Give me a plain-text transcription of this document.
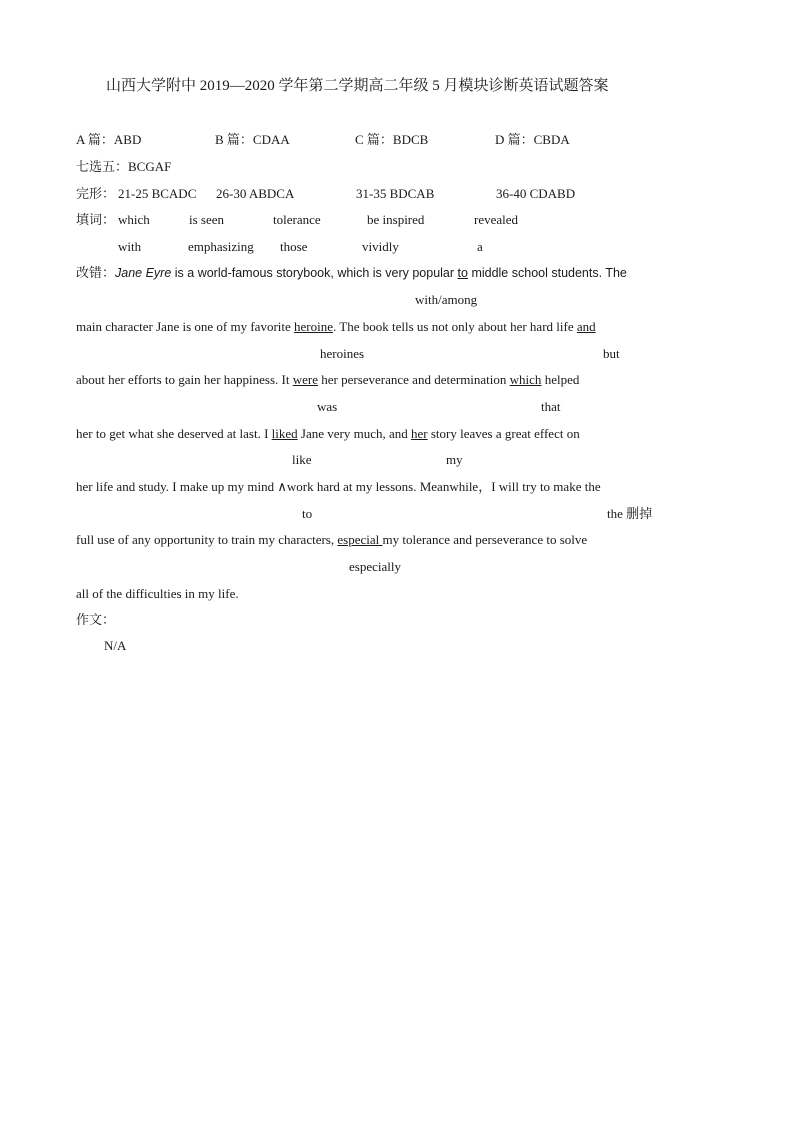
山西大学附中 2019—2020 学年第二学期高二年级 5 月模块诊断英语试题答案
A 篇：ABD	B 篇：CDAA	C 篇：BDCB	D 篇：CBDA
七选五：BCGAF
完形： 21-25 BCADC 26-30 ABDCA	31-35 BDCAB	36-40 CDABD
填词： which	is seen	tolerance	be inspired	revealed
with	emphasizing those	vividly	a
改错：Jane Eyre is a world-famous storybook, which is very popular to middle school students. The
with/among
main character Jane is one of my favorite heroine. The book tells us not only about her hard life and
heroines	but
about her efforts to gain her happiness. It were her perseverance and determination which helped
was	that
her to get what she deserved at last. I liked Jane very much, and her story leaves a great effect on
like	my
her life and study. I make up my mind ∧work hard at my lessons. Meanwhile，I will try to make the
to	the 删掉
full use of any opportunity to train my characters, especial my tolerance and perseverance to solve
especially
all of the difficulties in my life.
作文：
N/A
